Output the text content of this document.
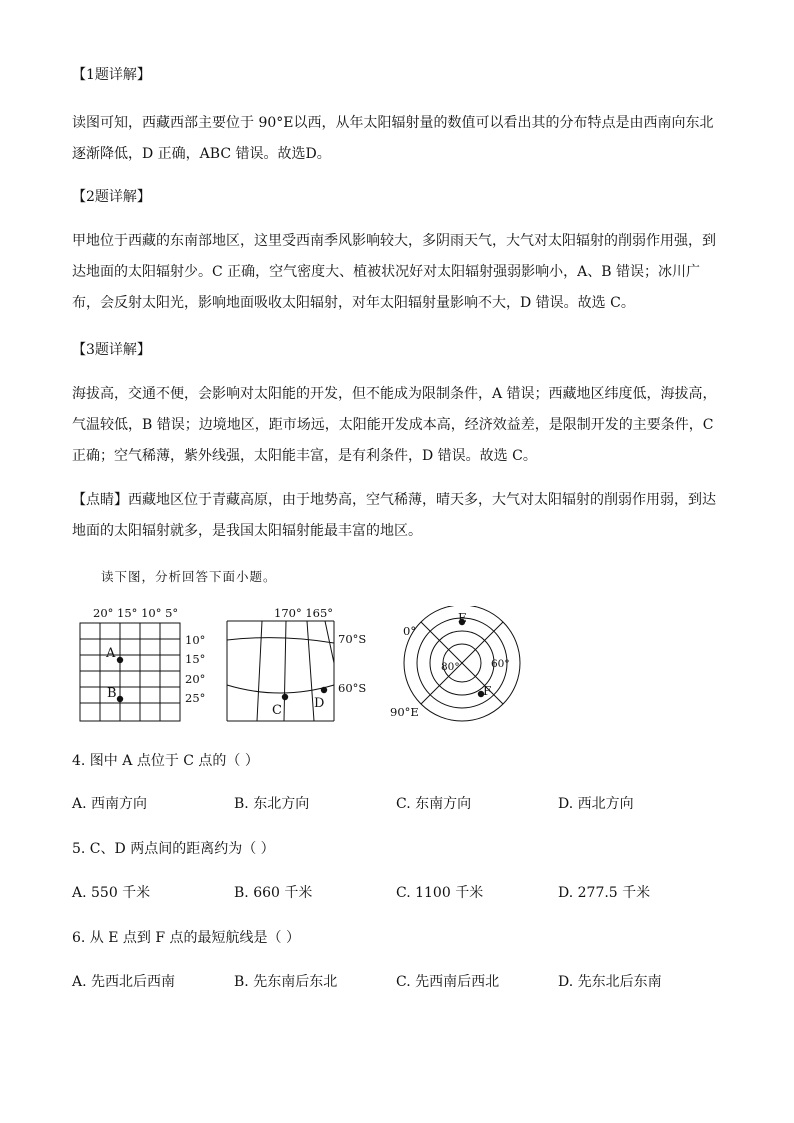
【1题详解】

读图可知，西藏西部主要位于 90°E以西，从年太阳辐射量的数值可以看出其的分布特点是由西南向东北
逐渐降低，D 正确，ABC 错误。故选D。

【2题详解】

甲地位于西藏的东南部地区，这里受西南季风影响较大，多阴雨天气，大气对太阳辐射的削弱作用强，到
达地面的太阳辐射少。C 正确，空气密度大、植被状况好对太阳辐射强弱影响小，A、B 错误；冰川广
布，会反射太阳光，影响地面吸收太阳辐射，对年太阳辐射量影响不大，D 错误。故选 C。

【3题详解】

海拔高，交通不便，会影响对太阳能的开发，但不能成为限制条件，A 错误；西藏地区纬度低，海拔高，
气温较低，B 错误；边境地区，距市场远，太阳能开发成本高，经济效益差，是限制开发的主要条件，C
正确；空气稀薄，紫外线强，太阳能丰富，是有利条件，D 错误。故选 C。
【点睛】西藏地区位于青藏高原，由于地势高，空气稀薄，晴天多，大气对太阳辐射的削弱作用弱，到达
地面的太阳辐射就多，是我国太阳辐射能最丰富的地区。

读下图，分析回答下面小题。

20° 15° 10° 5°
10°
15°
20°
25°
A
B
170° 165°
70°S
60°S
C D
0°
E
80°	60°
F
90°E

4. 图中 A 点位于 C 点的（ ）

A. 西南方向	B. 东北方向	C. 东南方向	D. 西北方向

5. C、D 两点间的距离约为（ ）

A. 550 千米	B. 660 千米	C. 1100 千米	D. 277.5 千米

6. 从 E 点到 F 点的最短航线是（ ）

A. 先西北后西南	B. 先东南后东北	C. 先西南后西北	D. 先东北后东南
